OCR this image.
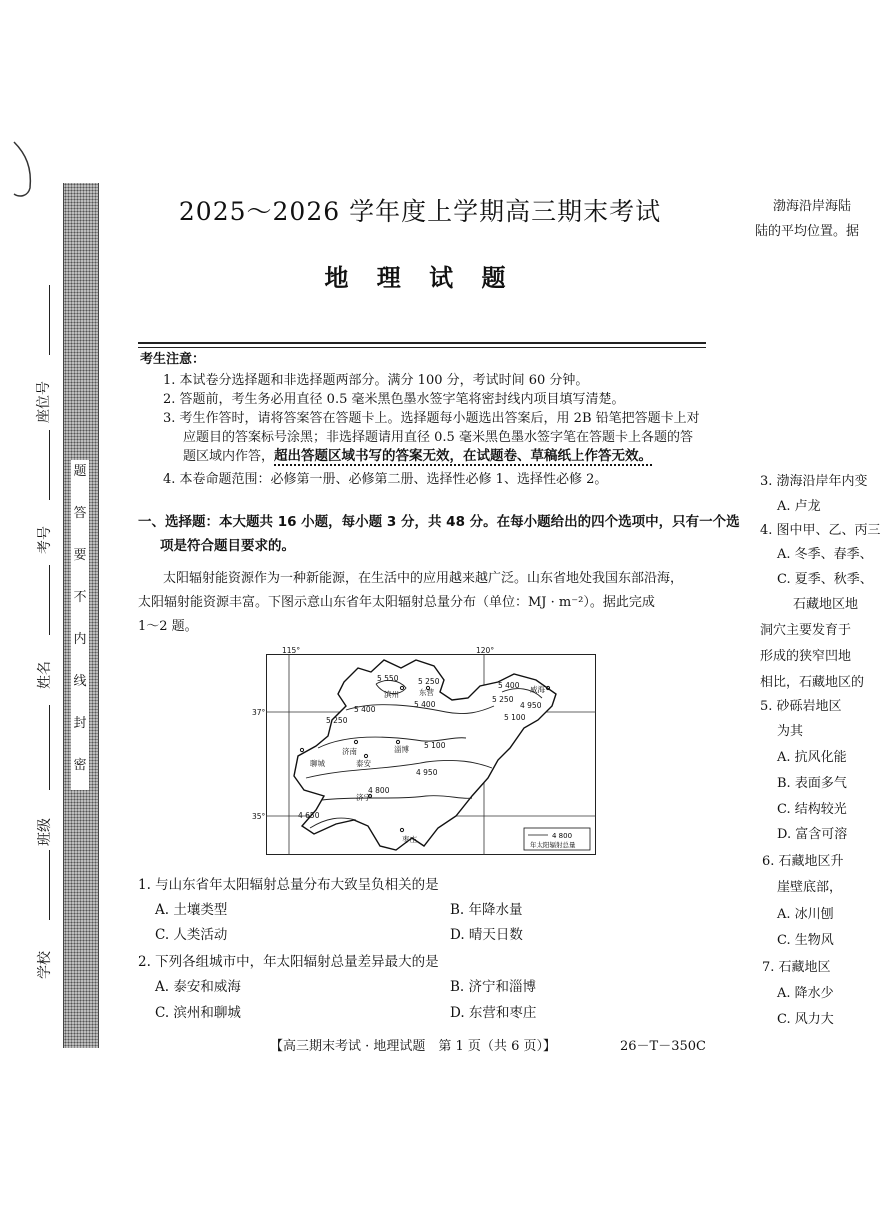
题
答
要
不
内
线
封
密
座位号
考号
姓名
班级
学校
2025～2026 学年度上学期高三期末考试
地 理 试 题
考生注意：
1. 本试卷分选择题和非选择题两部分。满分 100 分，考试时间 60 分钟。
2. 答题前，考生务必用直径 0.5 毫米黑色墨水签字笔将密封线内项目填写清楚。
3. 考生作答时，请将答案答在答题卡上。选择题每小题选出答案后，用 2B 铅笔把答题卡上对
应题目的答案标号涂黑；非选择题请用直径 0.5 毫米黑色墨水签字笔在答题卡上各题的答
题区域内作答，超出答题区域书写的答案无效，在试题卷、草稿纸上作答无效。
4. 本卷命题范围：必修第一册、必修第二册、选择性必修 1、选择性必修 2。
一、选择题：本大题共 16 小题，每小题 3 分，共 48 分。在每小题给出的四个选项中，只有一个选
项是符合题目要求的。
太阳辐射能资源作为一种新能源，在生活中的应用越来越广泛。山东省地处我国东部沿海，
太阳辐射能资源丰富。下图示意山东省年太阳辐射总量分布（单位：MJ · m⁻²）。据此完成
1～2 题。
5 550	5 250
5 400
5 400
5 250
5 250
5 400
4 950
5 100
5 100
4 950
4 800
4 650
滨州	东营	威海
济南	淄博
聊城	泰安
济宁
枣庄
115°	120°
37°
35°
4 800
年太阳辐射总量
1. 与山东省年太阳辐射总量分布大致呈负相关的是
A. 土壤类型	B. 年降水量
C. 人类活动	D. 晴天日数
2. 下列各组城市中，年太阳辐射总量差异最大的是
A. 泰安和威海	B. 济宁和淄博
C. 滨州和聊城	D. 东营和枣庄
渤海沿岸海陆
陆的平均位置。据
3. 渤海沿岸年内变
A. 卢龙
4. 图中甲、乙、丙三
A. 冬季、春季、
C. 夏季、秋季、
石藏地区地
洞穴主要发育于
形成的狭窄凹地
相比，石藏地区的
5. 砂砾岩地区
为其
A. 抗风化能
B. 表面多气
C. 结构较光
D. 富含可溶
6. 石藏地区升
崖壁底部，
A. 冰川刨
C. 生物风
7. 石藏地区
A. 降水少
C. 风力大
【高三期末考试 · 地理试题　第 1 页（共 6 页）】	26－T－350C
